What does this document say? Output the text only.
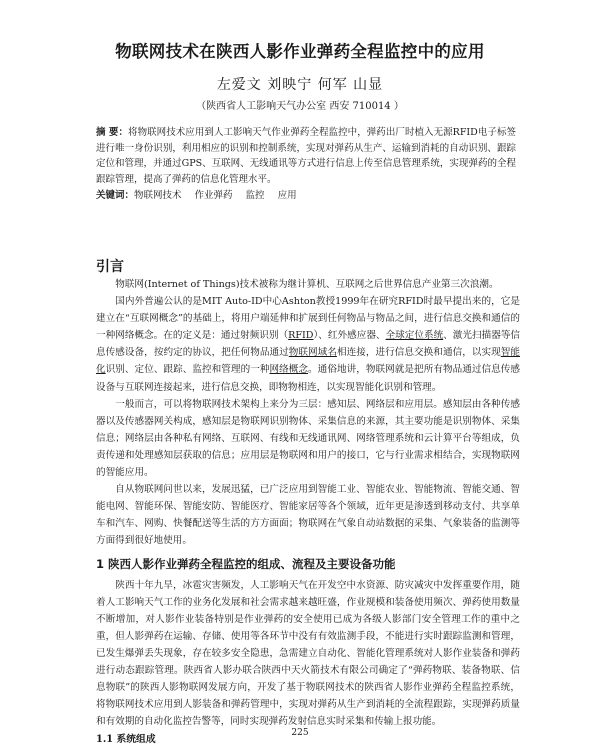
物联网技术在陕西人影作业弹药全程监控中的应用
左爱文 刘映宁 何军 山显
（陕西省人工影响天气办公室 西安 710014 ）
摘 要：将物联网技术应用到人工影响天气作业弹药全程监控中，弹药出厂时植入无源RFID电子标签进行唯一身份识别，利用相应的识别和控制系统，实现对弹药从生产、运输到消耗的自动识别、跟踪定位和管理，并通过GPS、互联网、无线通讯等方式进行信息上传至信息管理系统，实现弹药的全程跟踪管理，提高了弹药的信息化管理水平。
关键词：物联网技术 作业弹药 监控 应用
引言

物联网(Internet of Things)技术被称为继计算机、互联网之后世界信息产业第三次浪潮。

国内外普遍公认的是MIT Auto-ID中心Ashton教授1999年在研究RFID时最早提出来的，它是建立在“互联网概念”的基础上，将用户端延伸和扩展到任何物品与物品之间，进行信息交换和通信的一种网络概念。在的定义是：通过射频识别（RFID）、红外感应器、全球定位系统、激光扫描器等信息传感设备，按约定的协议，把任何物品通过物联网域名相连接，进行信息交换和通信，以实现智能化识别、定位、跟踪、监控和管理的一种网络概念。通俗地讲，物联网就是把所有物品通过信息传感设备与互联网连接起来，进行信息交换，即物物相连，以实现智能化识别和管理。

一般而言，可以将物联网技术架构上来分为三层：感知层、网络层和应用层。感知层由各种传感器以及传感器网关构成，感知层是物联网识别物体、采集信息的来源，其主要功能是识别物体、采集信息；网络层由各种私有网络、互联网、有线和无线通讯网、网络管理系统和云计算平台等组成，负责传递和处理感知层获取的信息；应用层是物联网和用户的接口，它与行业需求相结合，实现物联网的智能应用。

自从物联网问世以来，发展迅猛，已广泛应用到智能工业、智能农业、智能物流、智能交通、智能电网、智能环保、智能安防、智能医疗、智能家居等各个领域，近年更是渗透到移动支付、共享单车和汽车、网购、快餐配送等生活的方方面面；物联网在气象自动站数据的采集、气象装备的监测等方面得到很好地使用。

1 陕西人影作业弹药全程监控的组成、流程及主要设备功能

陕西十年九旱，冰雹灾害频发，人工影响天气在开发空中水资源、防灾减灾中发挥重要作用，随着人工影响天气工作的业务化发展和社会需求越来越旺盛，作业规模和装备使用频次、弹药使用数量不断增加，对人影作业装备特别是作业弹药的安全使用已成为各级人影部门安全管理工作的重中之重，但人影弹药在运输、存储、使用等各环节中没有有效监测手段，不能进行实时跟踪监测和管理，已发生爆弹丢失现象，存在较多安全隐患，急需建立自动化、智能化管理系统对人影作业装备和弹药进行动态跟踪管理。陕西省人影办联合陕西中天火箭技术有限公司确定了“弹药物联、装备物联、信息物联”的陕西人影物联网发展方向，开发了基于物联网技术的陕西省人影作业弹药全程监控系统，将物联网技术应用到人影装备和弹药管理中，实现对弹药从生产到消耗的全流程跟踪，实现弹药质量和有效期的自动化监控告警等，同时实现弹药发射信息实时采集和传输上报功能。

1.1 系统组成
225
